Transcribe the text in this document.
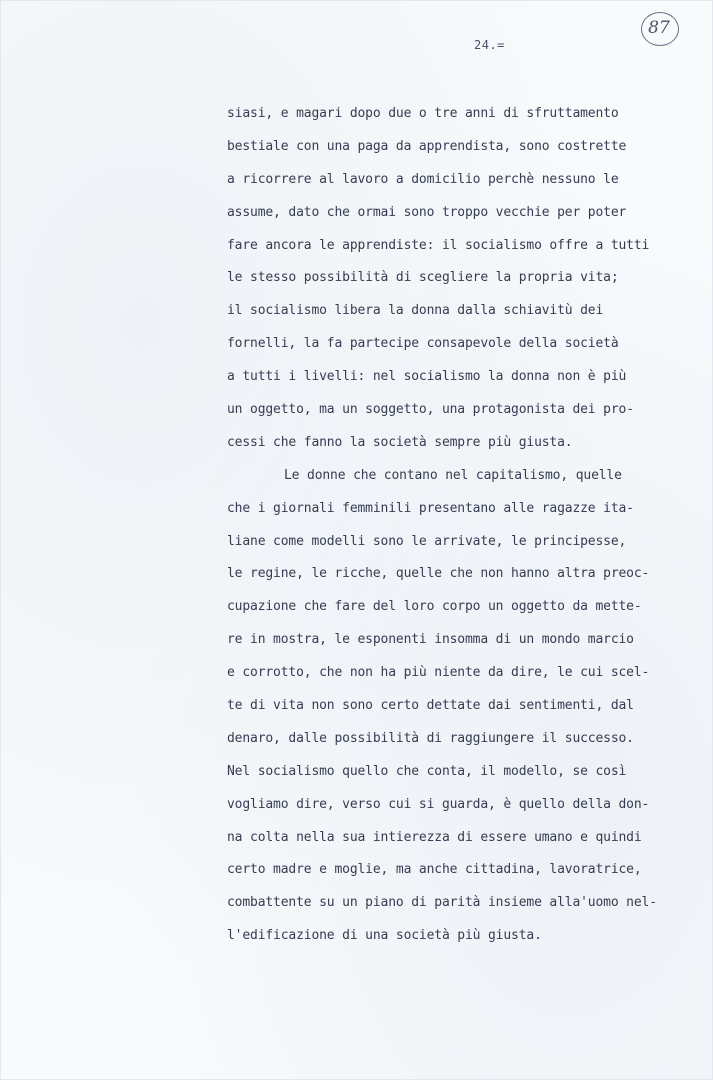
87
24.=
siasi, e magari dopo due o tre anni di sfruttamento
bestiale con una paga da apprendista, sono costrette
a ricorrere al lavoro a domicilio perchè nessuno le
assume, dato che ormai sono troppo vecchie per poter
fare ancora le apprendiste: il socialismo offre a tutti
le stesso possibilità di scegliere la propria vita;
il socialismo libera la donna dalla schiavitù dei
fornelli, la fa partecipe consapevole della società
a tutti i livelli: nel socialismo la donna non è più
un oggetto, ma un soggetto, una protagonista dei pro-
cessi che fanno la società sempre più giusta.
Le donne che contano nel capitalismo, quelle
che i giornali femminili presentano alle ragazze ita-
liane come modelli sono le arrivate, le principesse,
le regine, le ricche, quelle che non hanno altra preoc-
cupazione che fare del loro corpo un oggetto da mette-
re in mostra, le esponenti insomma di un mondo marcio
e corrotto, che non ha più niente da dire, le cui scel-
te di vita non sono certo dettate dai sentimenti, dal
denaro, dalle possibilità di raggiungere il successo.
Nel socialismo quello che conta, il modello, se così
vogliamo dire, verso cui si guarda, è quello della don-
na colta nella sua intierezza di essere umano e quindi
certo madre e moglie, ma anche cittadina, lavoratrice,
combattente su un piano di parità insieme alla'uomo nel-
l'edificazione di una società più giusta.
